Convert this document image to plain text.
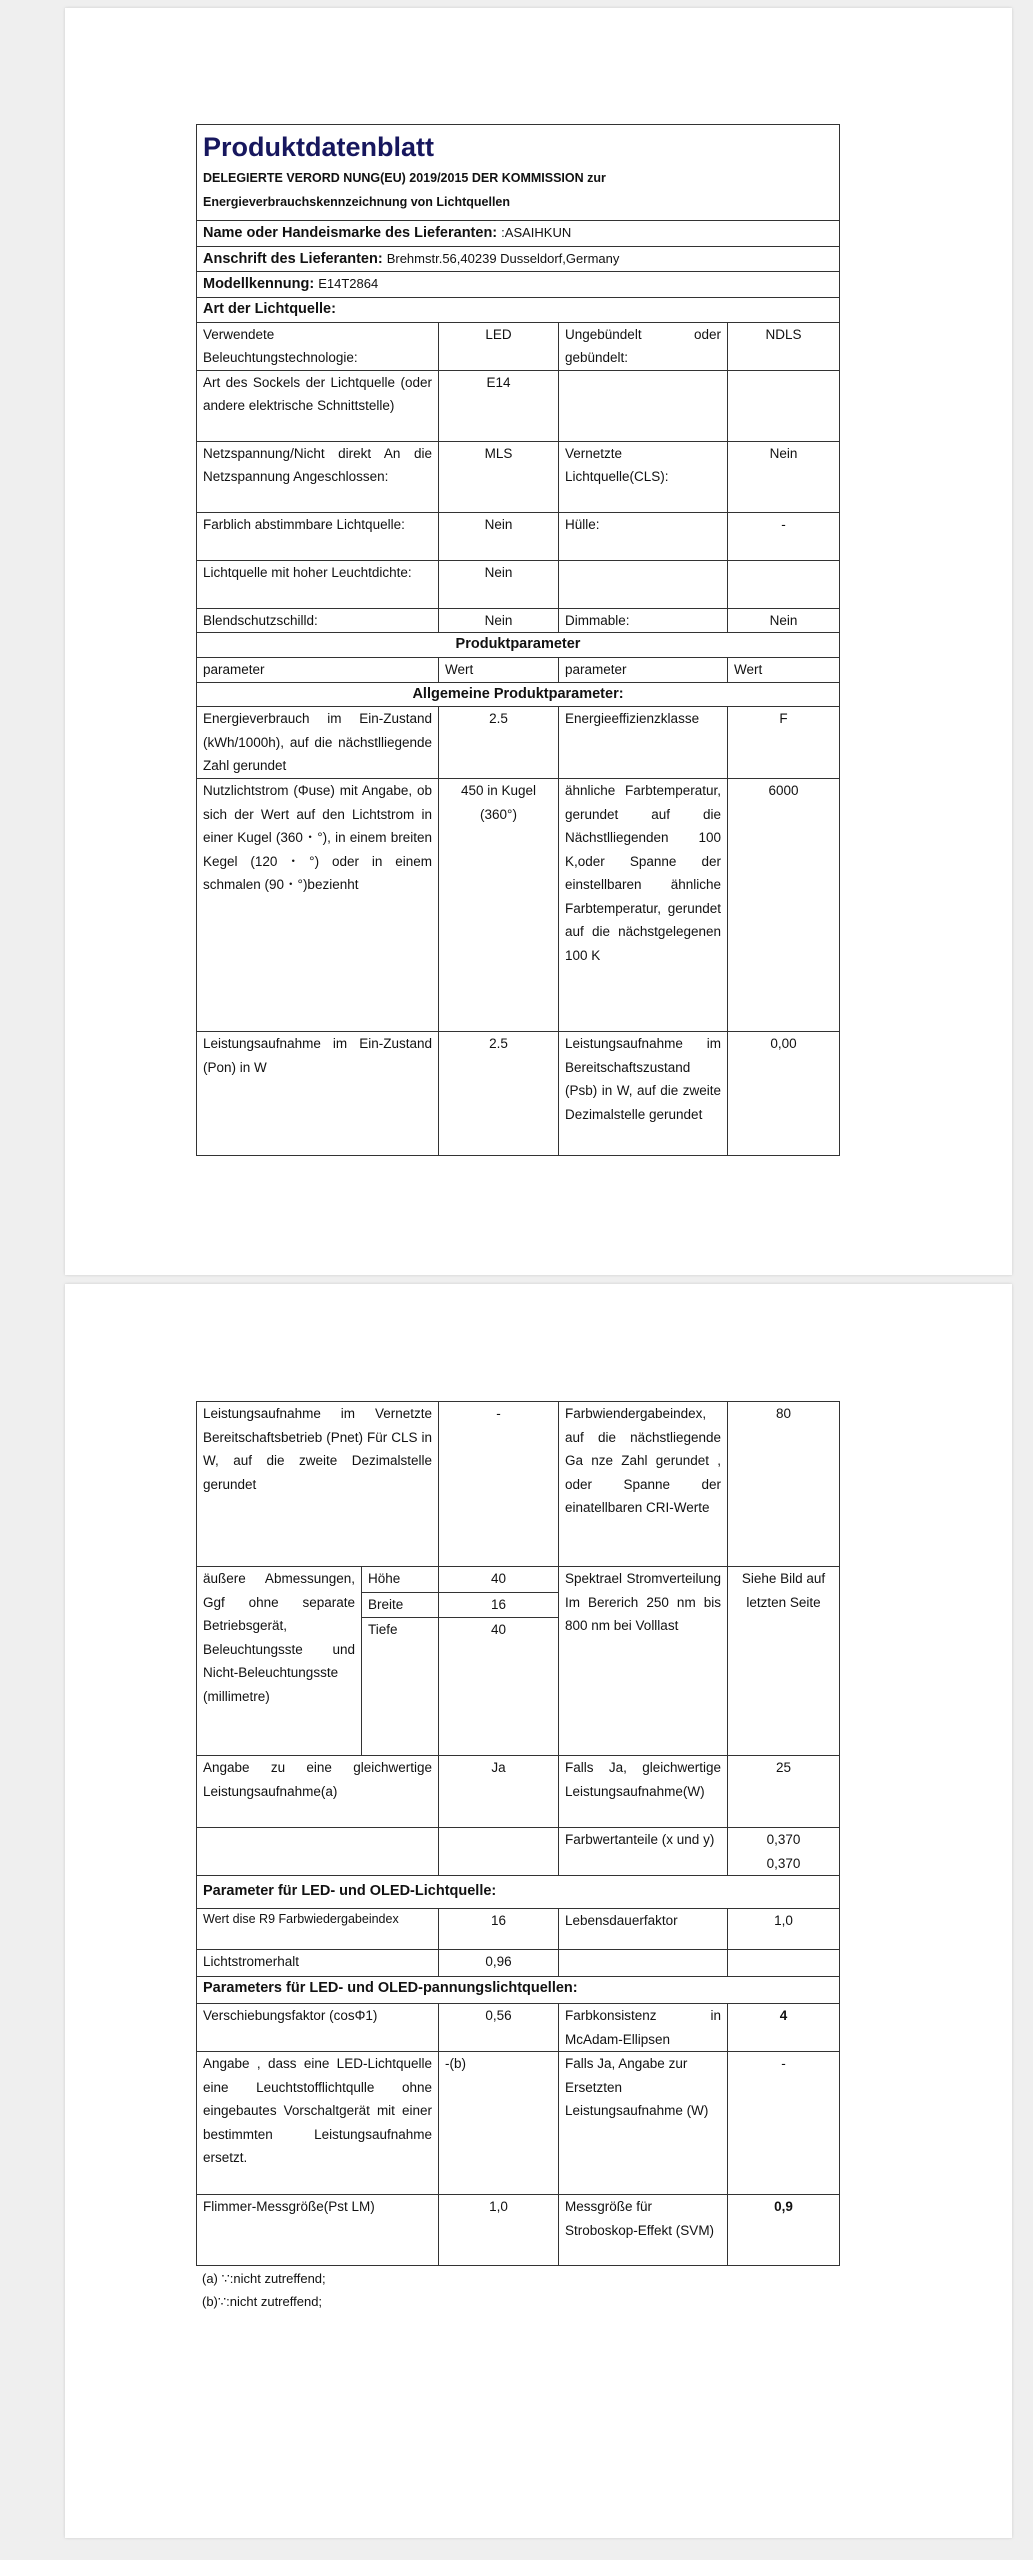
Produktdatenblatt
DELEGIERTE VERORD NUNG(EU) 2019/2015 DER KOMMISSION zur
Energieverbrauchskennzeichnung von Lichtquellen			

Name oder Handeismarke des Lieferanten: :ASAIHKUN			
Anschrift des Lieferanten: Brehmstr.56,40239 Dusseldorf,Germany			
Modellkennung: E14T2864			
Art der Lichtquelle:			
Verwendete Beleuchtungstechnologie:	LED	Ungebündelt oder gebündelt:	NDLS
Art des Sockels der Lichtquelle (oder andere elektrische Schnittstelle)	E14		
Netzspannung/Nicht direkt An die Netzspannung Angeschlossen:	MLS	Vernetzte Lichtquelle(CLS):	Nein
Farblich abstimmbare Lichtquelle:	Nein	Hülle:	-
Lichtquelle mit hoher Leuchtdichte:	Nein		
Blendschutzschilld:	Nein	Dimmable:	Nein
Produktparameter			
parameter	Wert	parameter	Wert
Allgemeine Produktparameter:			
Energieverbrauch im Ein-Zustand (kWh/1000h), auf die nächstlliegende Zahl gerundet	2.5	Energieeffizienzklasse	F
Nutzlichtstrom (Φuse) mit Angabe, ob sich der Wert auf den Lichtstrom in einer Kugel (360・°), in einem breiten Kegel (120・°) oder in einem schmalen (90・°)bezienht	450 in Kugel (360°)	ähnliche Farbtemperatur, gerundet auf die Nächstlliegenden 100 K,oder Spanne der einstellbaren ähnliche Farbtemperatur, gerundet auf die nächstgelegenen 100 K	6000
Leistungsaufnahme im Ein-Zustand (Pon) in W	2.5	Leistungsaufnahme im Bereitschaftszustand (Psb) in W, auf die zweite Dezimalstelle gerundet	0,00
Leistungsaufnahme im Vernetzte Bereitschaftsbetrieb (Pnet) Für CLS in W, auf die zweite Dezimalstelle gerundet		-	Farbwiendergabeindex, auf die nächstliegende Ga nze Zahl gerundet , oder Spanne der einatellbaren CRI-Werte	80
äußere Abmessungen, Ggf ohne separate Betriebsgerät, Beleuchtungsste und Nicht-Beleuchtungsste (millimetre)	Höhe	40	Spektrael Stromverteilung Im Bererich 250 nm bis 800 nm bei Volllast	Siehe Bild auf letzten Seite
	Breite	16		
	Tiefe	40		
Angabe zu eine gleichwertige Leistungsaufnahme(a)		Ja	Falls Ja, gleichwertige Leistungsaufnahme(W)	25
			Farbwertanteile (x und y)	0,370
0,370

Parameter für LED- und OLED-Lichtquelle:				
Wert dise R9 Farbwiedergabeindex		16	Lebensdauerfaktor	1,0
Lichtstromerhalt		0,96		
Parameters für LED- und OLED-pannungslichtquellen:				
Verschiebungsfaktor (cosΦ1)		0,56	Farbkonsistenz in McAdam-Ellipsen	4
Angabe , dass eine LED-Lichtquelle eine Leuchtstofflichtqulle ohne eingebautes Vorschaltgerät mit einer bestimmten Leistungsaufnahme ersetzt.		-(b)	Falls Ja, Angabe zur Ersetzten Leistungsaufnahme (W)	-
Flimmer-Messgröße(Pst LM)		1,0	Messgröße für Stroboskop-Effekt (SVM)	0,9
(a) ∵:nicht zutreffend;
(b)∵:nicht zutreffend;
